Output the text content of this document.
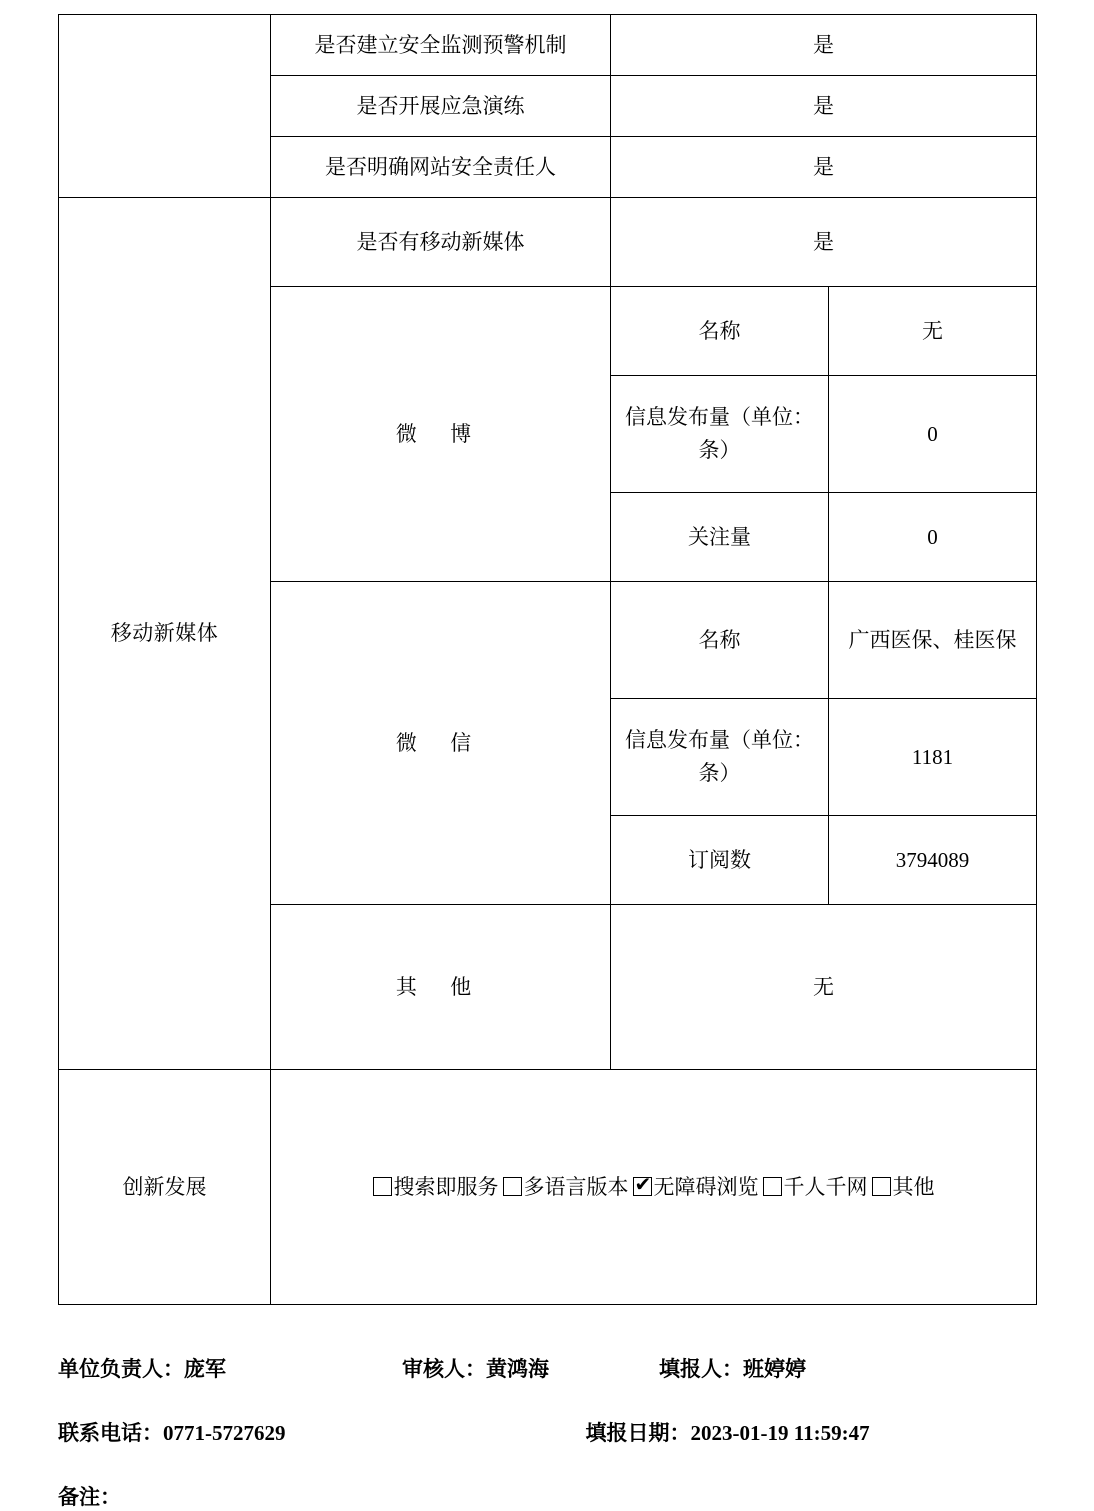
	是否建立安全监测预警机制	是	
	是否开展应急演练	是	
	是否明确网站安全责任人	是	
移动新媒体	是否有移动新媒体	是	
	微 博	名称	无
		信息发布量（单位：条）	0
		关注量	0
	微 信	名称	广西医保、桂医保
		信息发布量（单位：条）	1181
		订阅数	3794089
	其 他	无	
创新发展	搜索即服务 多语言版本 ✔ 无障碍浏览 千人千网 其他
单位负责人： 庞军	审核人： 黄鸿海	填报人： 班婷婷
联系电话： 0771-5727629	填报日期： 2023-01-19 11:59:47
备注：
